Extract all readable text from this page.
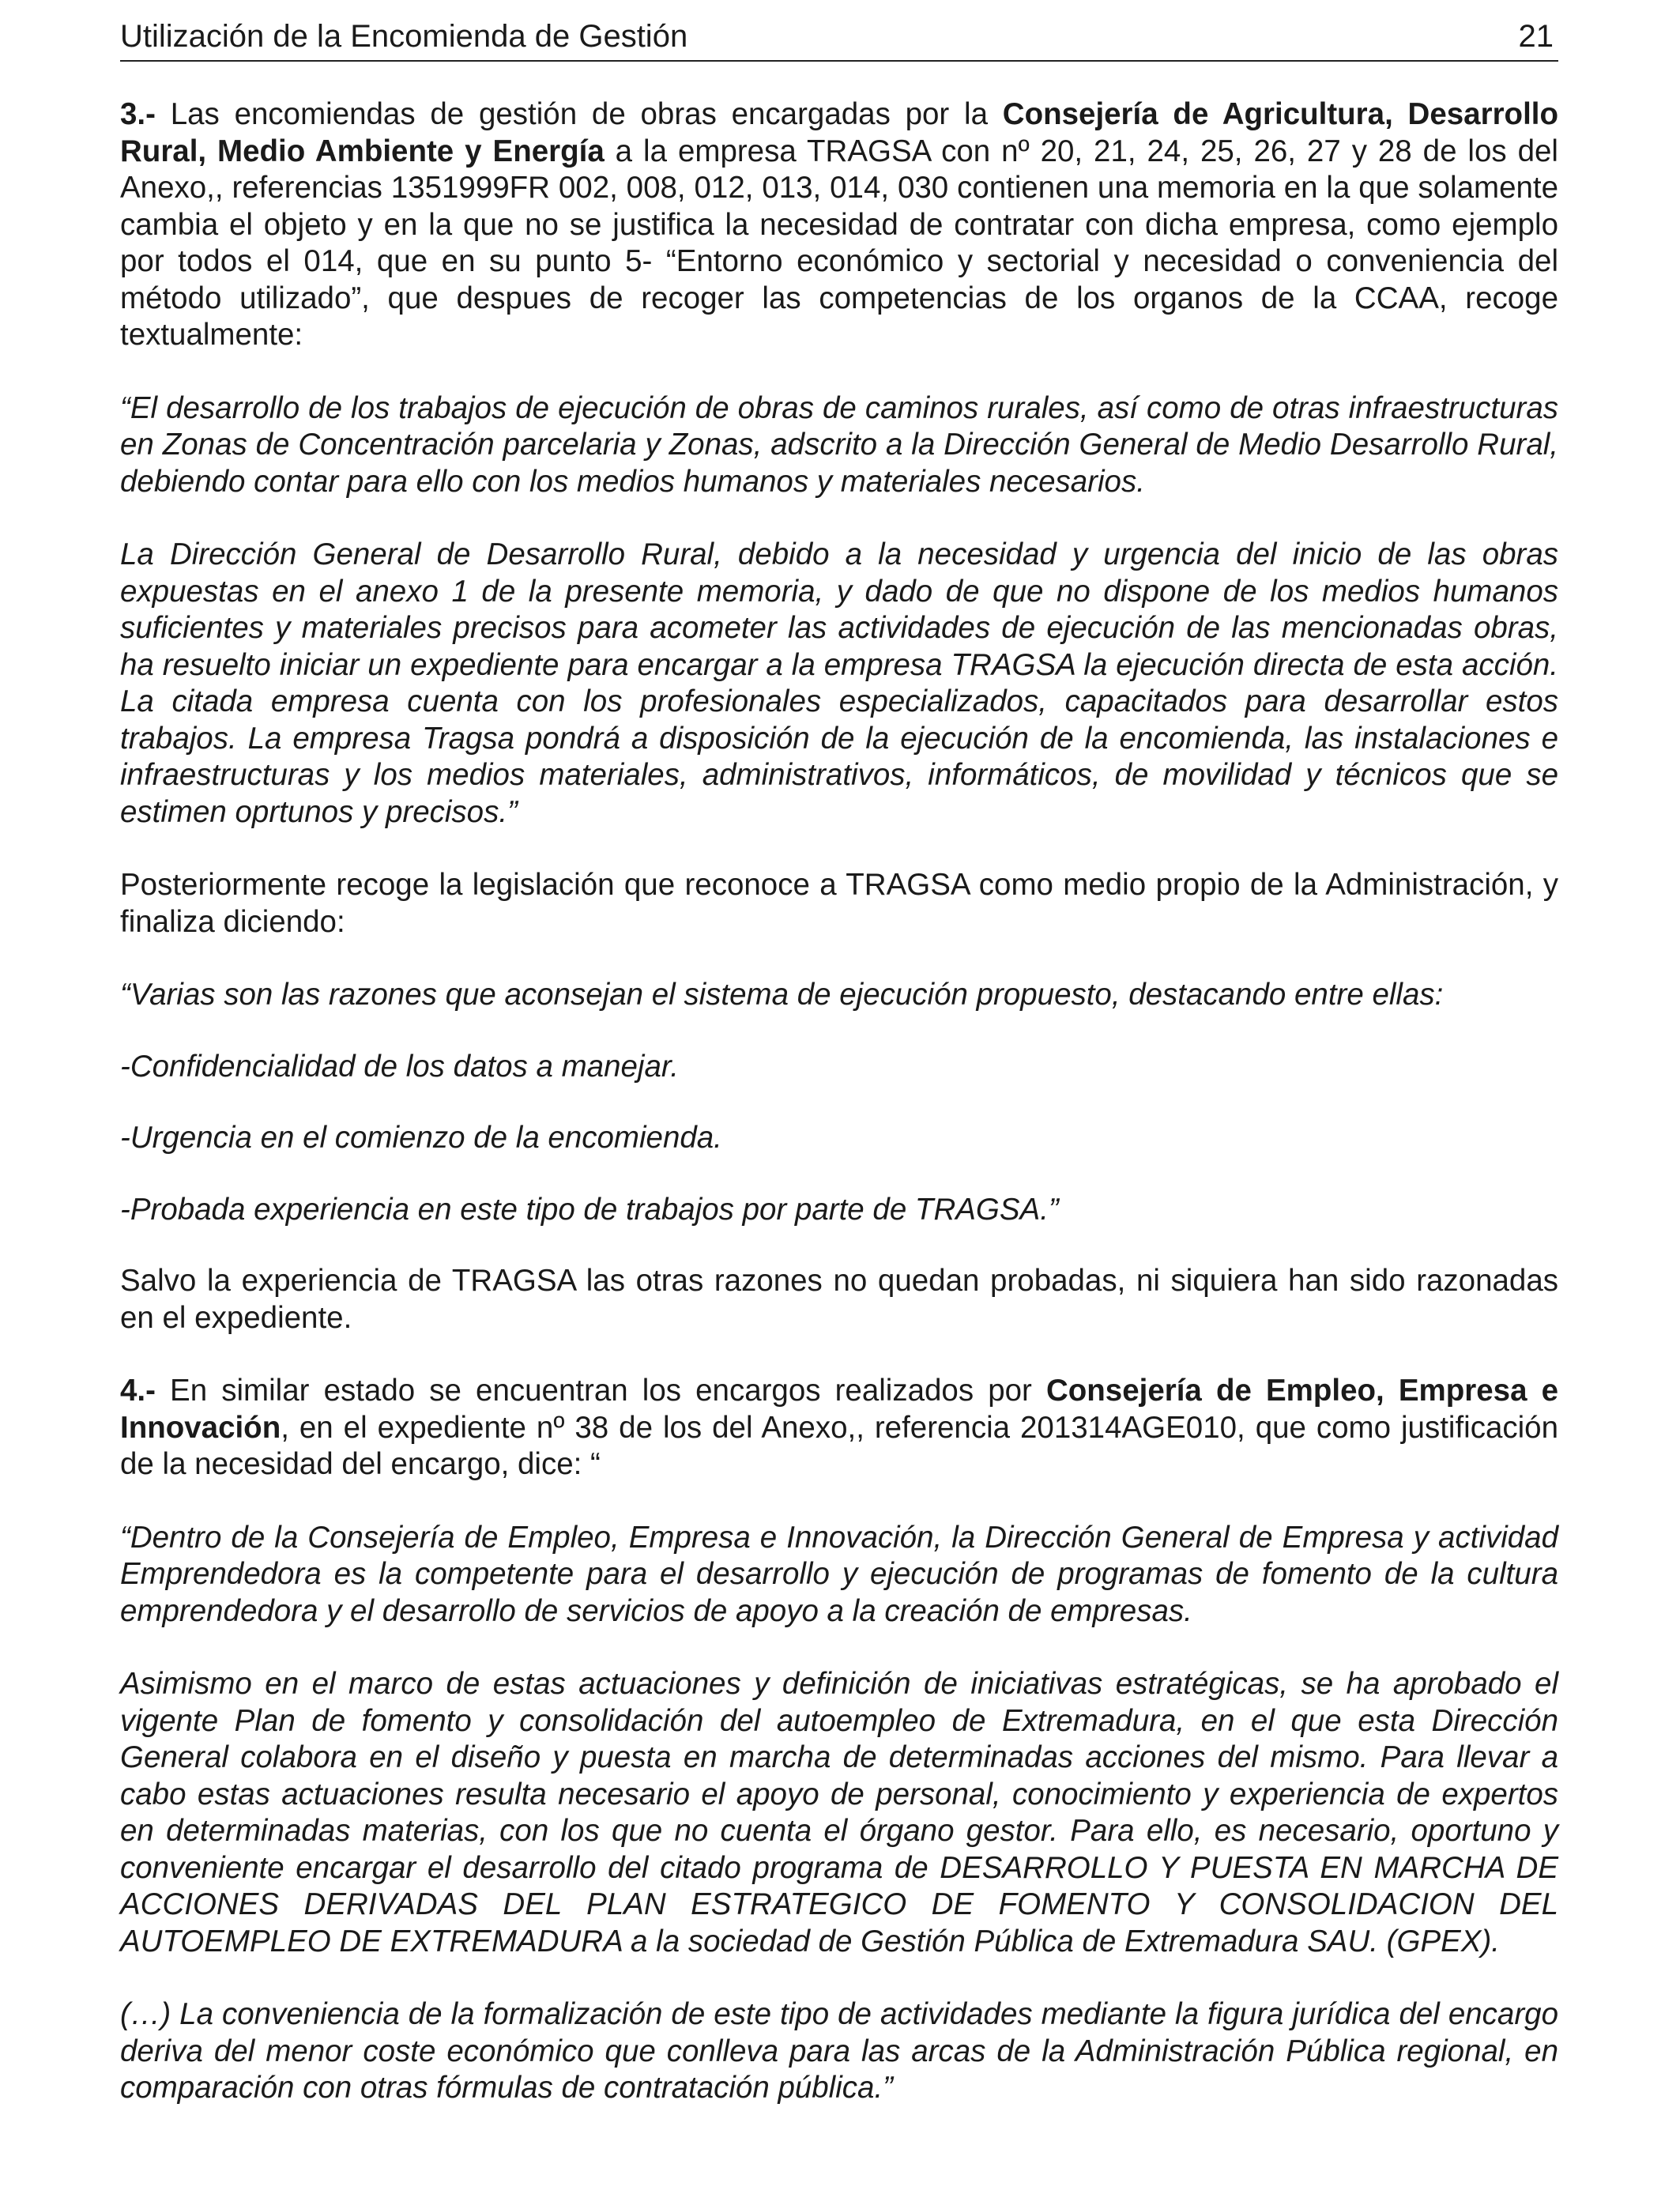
Utilización de la Encomienda de Gestión	21

3.- Las encomiendas de gestión de obras encargadas por la Consejería de Agricultura, Desarrollo Rural, Medio Ambiente y Energía a la empresa TRAGSA con nº 20, 21, 24, 25, 26, 27 y 28 de los del Anexo,, referencias 1351999FR 002, 008, 012, 013, 014, 030 contienen una memoria en la que solamente cambia el objeto y en la que no se justifica la necesidad de contratar con dicha empresa, como ejemplo por todos el 014, que en su punto 5- “Entorno económico y sectorial y necesidad o conveniencia del método utilizado”, que despues de recoger las competencias de los organos de la CCAA, recoge textualmente:

“El desarrollo de los trabajos de ejecución de obras de caminos rurales, así como de otras infraestructuras en Zonas de Concentración parcelaria y Zonas, adscrito a la Dirección General de Medio Desarrollo Rural, debiendo contar para ello con los medios humanos y materiales necesarios.

La Dirección General de Desarrollo Rural, debido a la necesidad y urgencia del inicio de las obras expuestas en el anexo 1 de la presente memoria, y dado de que no dispone de los medios humanos suficientes y materiales precisos para acometer las actividades de ejecución de las mencionadas obras, ha resuelto iniciar un expediente para encargar a la empresa TRAGSA la ejecución directa de esta acción. La citada empresa cuenta con los profesionales especializados, capacitados para desarrollar estos trabajos. La empresa Tragsa pondrá a disposición de la ejecución de la encomienda, las instalaciones e infraestructuras y los medios materiales, administrativos, informáticos, de movilidad y técnicos que se estimen oprtunos y precisos.”

Posteriormente recoge la legislación que reconoce a TRAGSA como medio propio de la Administración, y finaliza diciendo:

“Varias son las razones que aconsejan el sistema de ejecución propuesto, destacando entre ellas:

-Confidencialidad de los datos a manejar.

-Urgencia en el comienzo de la encomienda.

-Probada experiencia en este tipo de trabajos por parte de TRAGSA.”

Salvo la experiencia de TRAGSA las otras razones no quedan probadas, ni siquiera han sido razonadas en el expediente.

4.- En similar estado se encuentran los encargos realizados por Consejería de Empleo, Empresa e Innovación, en el expediente nº 38 de los del Anexo,, referencia 201314AGE010, que como justificación de la necesidad del encargo, dice: “

“Dentro de la Consejería de Empleo, Empresa e Innovación, la Dirección General de Empresa y actividad Emprendedora es la competente para el desarrollo y ejecución de programas de fomento de la cultura emprendedora y el desarrollo de servicios de apoyo a la creación de empresas.

Asimismo en el marco de estas actuaciones y definición de iniciativas estratégicas, se ha aprobado el vigente Plan de fomento y consolidación del autoempleo de Extremadura, en el que esta Dirección General colabora en el diseño y puesta en marcha de determinadas acciones del mismo. Para llevar a cabo estas actuaciones resulta necesario el apoyo de personal, conocimiento y experiencia de expertos en determinadas materias, con los que no cuenta el órgano gestor. Para ello, es necesario, oportuno y conveniente encargar el desarrollo del citado programa de DESARROLLO Y PUESTA EN MARCHA DE ACCIONES DERIVADAS DEL PLAN ESTRATEGICO DE FOMENTO Y CONSOLIDACION DEL AUTOEMPLEO DE EXTREMADURA a la sociedad de Gestión Pública de Extremadura SAU. (GPEX).

(…) La conveniencia de la formalización de este tipo de actividades mediante la figura jurídica del encargo deriva del menor coste económico que conlleva para las arcas de la Administración Pública regional, en comparación con otras fórmulas de contratación pública.”
